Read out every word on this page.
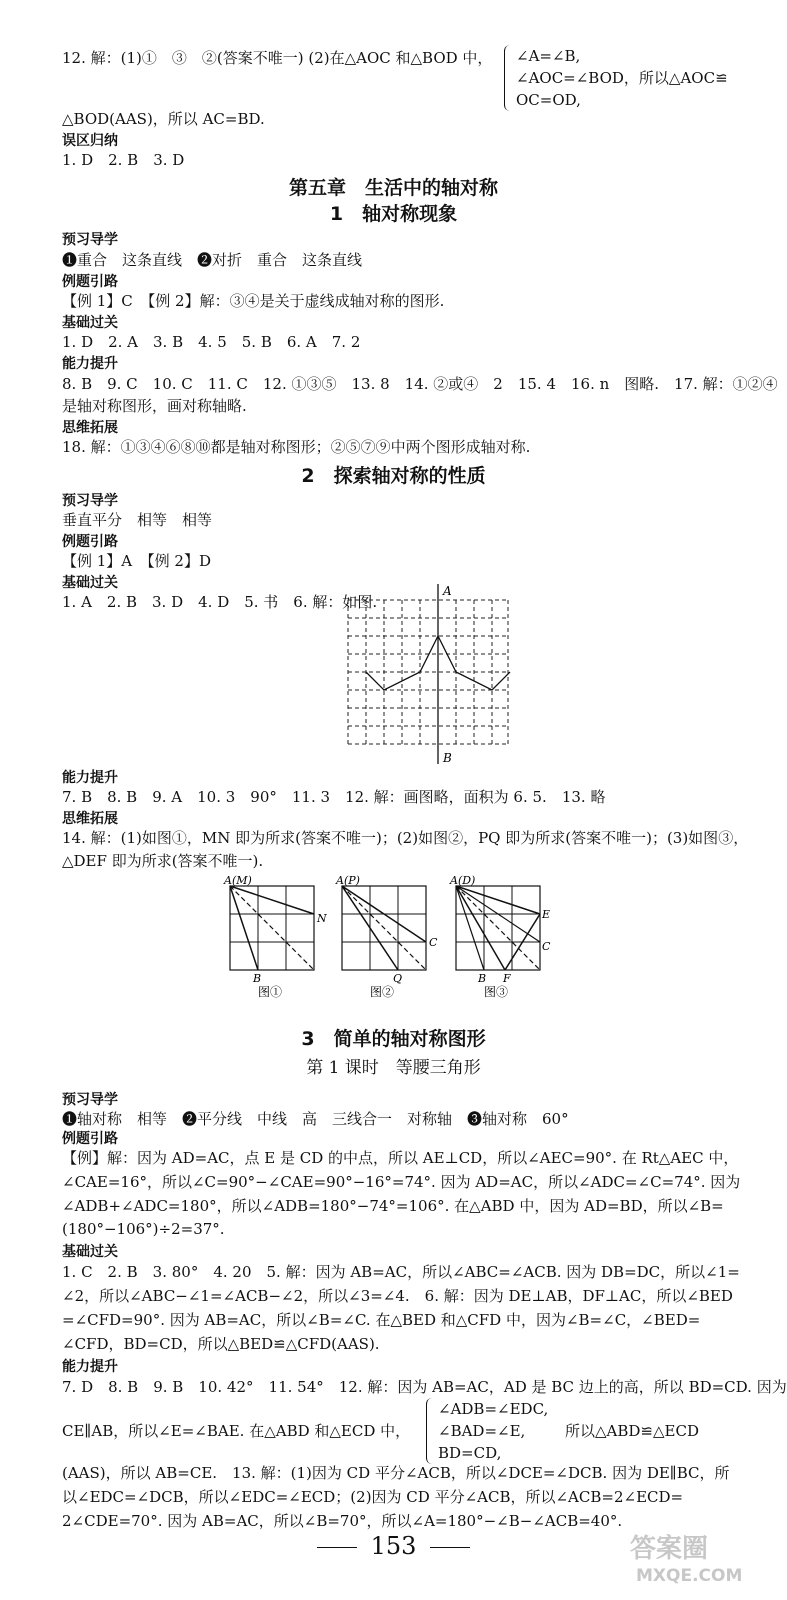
12. 解：(1)①　③　②(答案不唯一) (2)在△AOC 和△BOD 中， ∠A=∠B,
∠AOC=∠BOD，所以△AOC≌
OC=OD,
△BOD(AAS)，所以 AC=BD.
误区归纳
1. D　2. B　3. D
第五章　生活中的轴对称
1　轴对称现象
预习导学
❶重合　这条直线　❷对折　重合　这条直线
例题引路
【例 1】C　【例 2】解：③④是关于虚线成轴对称的图形.
基础过关
1. D　2. A　3. B　4. 5　5. B　6. A　7. 2
能力提升
8. B　9. C　10. C　11. C　12. ①③⑤　13. 8　14. ②或④　2　15. 4　16. n　图略.　17. 解：①②④
是轴对称图形，画对称轴略.
思维拓展
18. 解：①③④⑥⑧⑩都是轴对称图形；②⑤⑦⑨中两个图形成轴对称.
2　探索轴对称的性质
预习导学
垂直平分　相等　相等
例题引路
【例 1】A　【例 2】D
基础过关
1. A　2. B　3. D　4. D　5. 书　6. 解：如图.
A
B
能力提升
7. B　8. B　9. A　10. 3　90°　11. 3　12. 解：画图略，面积为 6. 5.　13. 略
思维拓展
14. 解：(1)如图①，MN 即为所求(答案不唯一)；(2)如图②，PQ 即为所求(答案不唯一)；(3)如图③，
△DEF 即为所求(答案不唯一).
A(M)
N
B
图①
A(P)
C
Q
图②
A(D)
E
C
B F
图③
3　简单的轴对称图形
第 1 课时　等腰三角形
预习导学
❶轴对称　相等　❷平分线　中线　高　三线合一　对称轴　❸轴对称　60°
例题引路
【例】解：因为 AD=AC，点 E 是 CD 的中点，所以 AE⊥CD，所以∠AEC=90°. 在 Rt△AEC 中，
∠CAE=16°，所以∠C=90°−∠CAE=90°−16°=74°. 因为 AD=AC，所以∠ADC=∠C=74°. 因为
∠ADB+∠ADC=180°，所以∠ADB=180°−74°=106°. 在△ABD 中，因为 AD=BD，所以∠B=
(180°−106°)÷2=37°.
基础过关
1. C　2. B　3. 80°　4. 20　5. 解：因为 AB=AC，所以∠ABC=∠ACB. 因为 DB=DC，所以∠1=
∠2，所以∠ABC−∠1=∠ACB−∠2，所以∠3=∠4.　6. 解：因为 DE⊥AB，DF⊥AC，所以∠BED
=∠CFD=90°. 因为 AB=AC，所以∠B=∠C. 在△BED 和△CFD 中，因为∠B=∠C，∠BED=
∠CFD，BD=CD，所以△BED≌△CFD(AAS).
能力提升
7. D　8. B　9. B　10. 42°　11. 54°　12. 解：因为 AB=AC，AD 是 BC 边上的高，所以 BD=CD. 因为
CE∥AB，所以∠E=∠BAE. 在△ABD 和△ECD 中，
∠ADB=∠EDC,
∠BAD=∠E,
BD=CD,
所以△ABD≌△ECD
(AAS)，所以 AB=CE.　13. 解：(1)因为 CD 平分∠ACB，所以∠DCE=∠DCB. 因为 DE∥BC，所
以∠EDC=∠DCB，所以∠EDC=∠ECD；(2)因为 CD 平分∠ACB，所以∠ACB=2∠ECD=
2∠CDE=70°. 因为 AB=AC，所以∠B=70°，所以∠A=180°−∠B−∠ACB=40°.
153	答案圈
MXQE.COM
